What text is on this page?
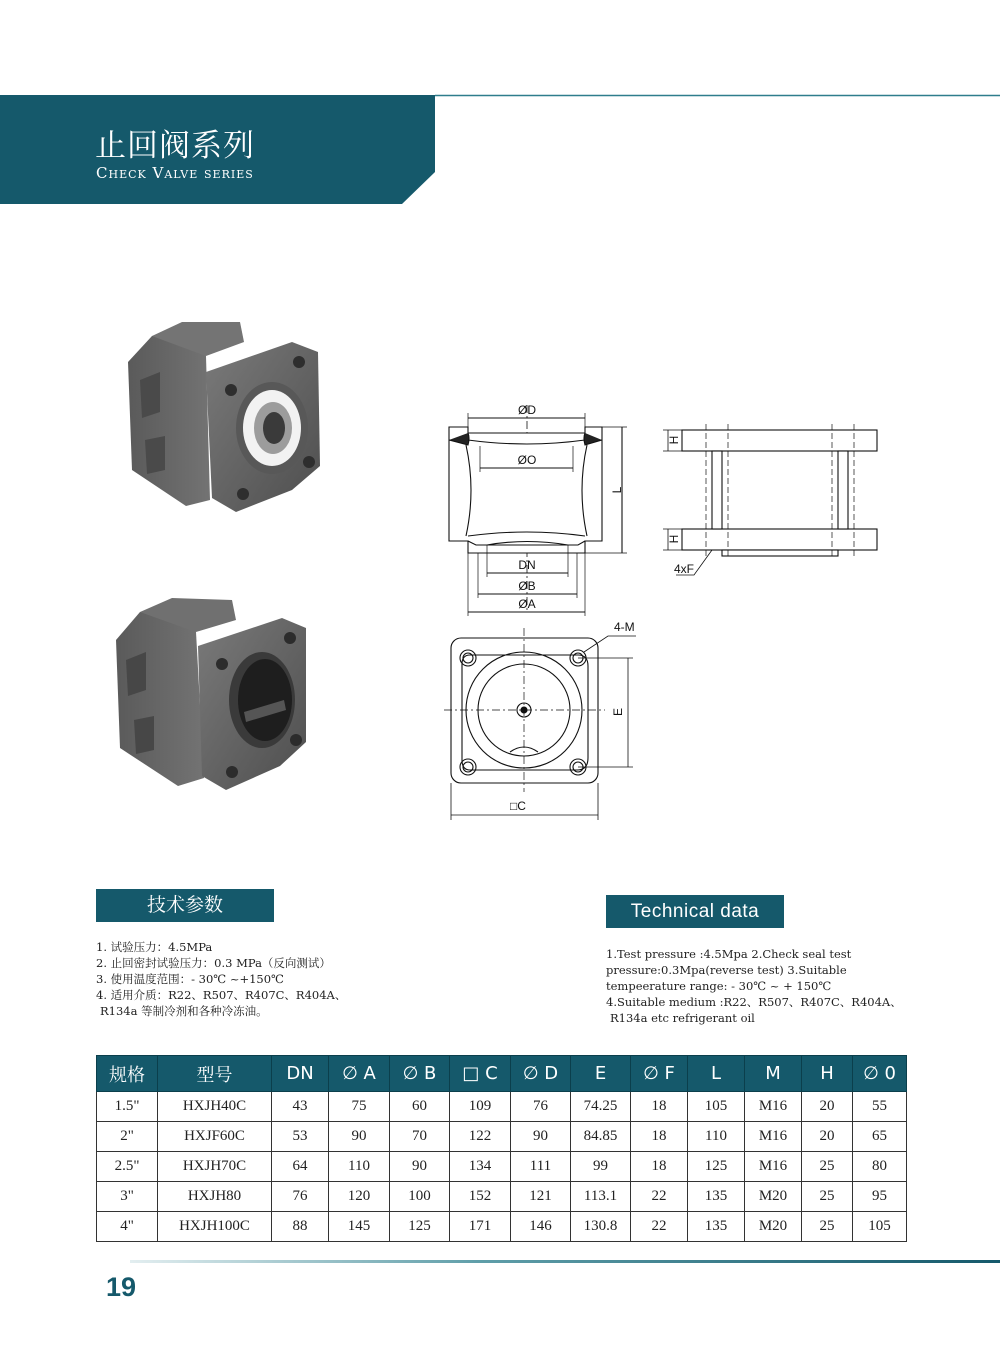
止回阀系列
Check Valve series
ØD
ØO
L
DN
ØB
ØA
H
H
4xF
4-M
E
□C
技术参数
1. 试验压力：4.5MPa
2. 止回密封试验压力：0.3 MPa（反向测试）
3. 使用温度范围：- 30℃ ~+150℃
4. 适用介质：R22、R507、R407C、R404A、
R134a 等制冷剂和各种冷冻油。
Technical data
1.Test pressure :4.5Mpa 2.Check seal test
pressure:0.3Mpa(reverse test) 3.Suitable
tempeerature range: - 30℃ ~ + 150℃
4.Suitable medium :R22、R507、R407C、R404A、
R134a etc refrigerant oil
规格	型号	DN	∅ A	∅ B	□ C	∅ D	E	∅ F	L	M	H	∅ 0
1.5"	HXJH40C	43	75	60	109	76	74.25	18	105	M16	20	55
2"	HXJF60C	53	90	70	122	90	84.85	18	110	M16	20	65
2.5"	HXJH70C	64	110	90	134	111	99	18	125	M16	25	80
3"	HXJH80	76	120	100	152	121	113.1	22	135	M20	25	95
4"	HXJH100C	88	145	125	171	146	130.8	22	135	M20	25	105
19
